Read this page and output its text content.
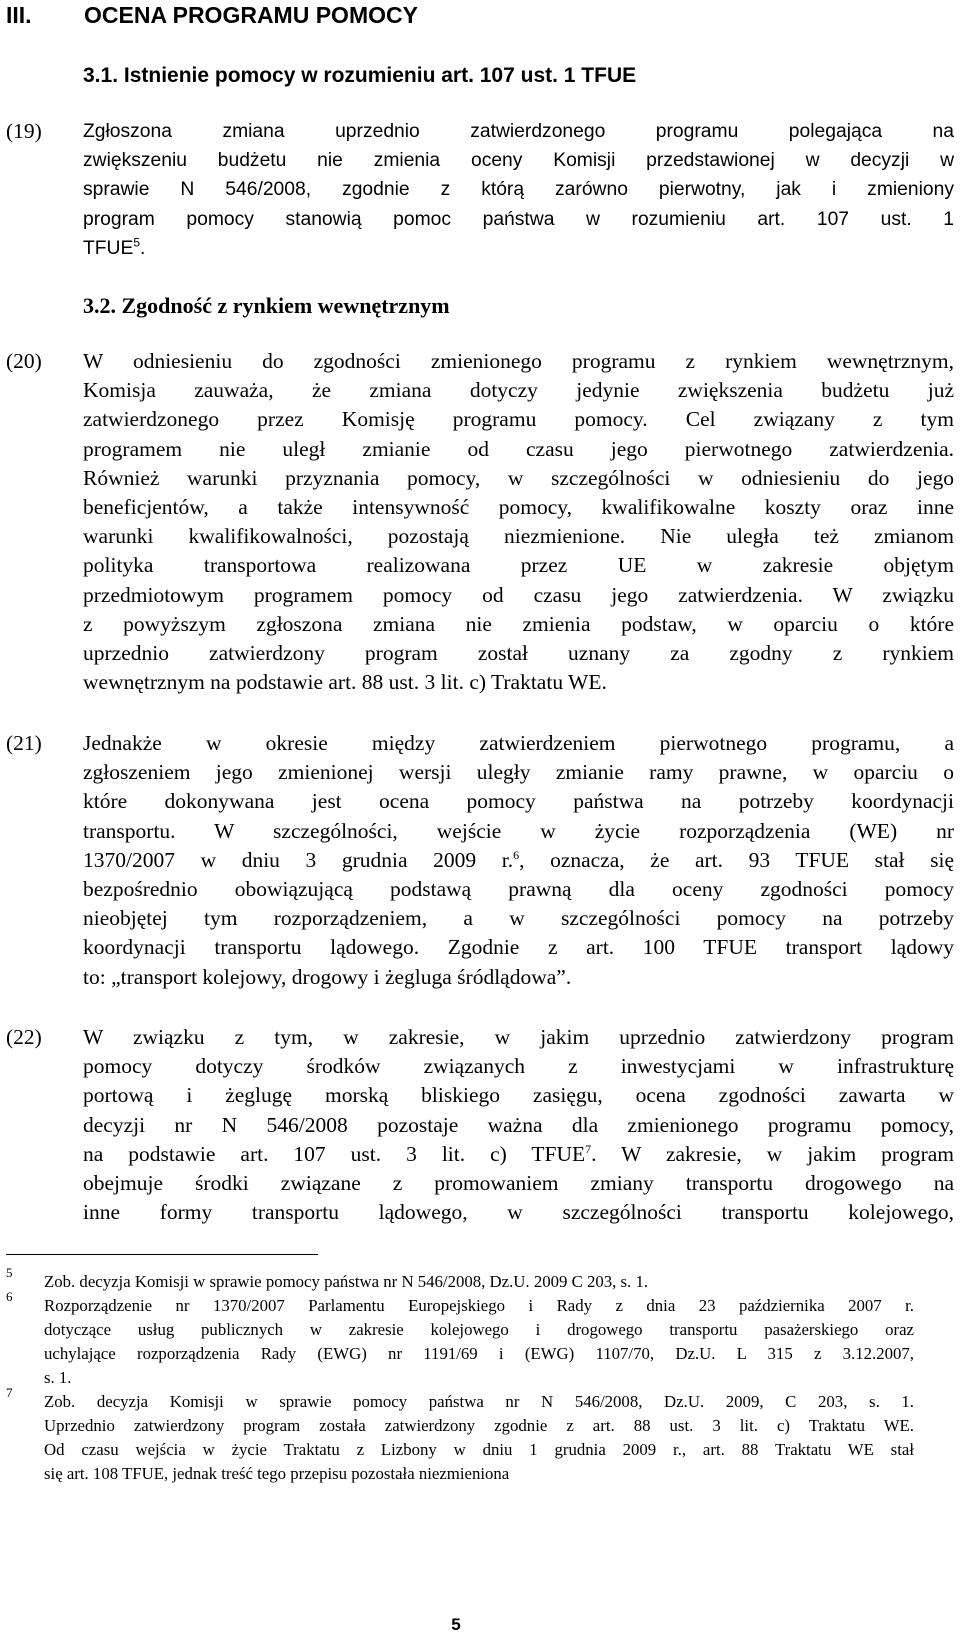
III. OCENA PROGRAMU POMOCY
3.1. Istnienie pomocy w rozumieniu art. 107 ust. 1 TFUE
(19) Zgłoszona zmiana uprzednio zatwierdzonego programu polegająca na
zwiększeniu budżetu nie zmienia oceny Komisji przedstawionej w decyzji w
sprawie N 546/2008, zgodnie z którą zarówno pierwotny, jak i zmieniony
program pomocy stanowią pomoc państwa w rozumieniu art. 107 ust. 1
TFUE$^5$.
3.2. Zgodność z rynkiem wewnętrznym
(20) W odniesieniu do zgodności zmienionego programu z rynkiem wewnętrznym,
Komisja zauważa, że zmiana dotyczy jedynie zwiększenia budżetu już
zatwierdzonego przez Komisję programu pomocy. Cel związany z tym
programem nie uległ zmianie od czasu jego pierwotnego zatwierdzenia.
Również warunki przyznania pomocy, w szczególności w odniesieniu do jego
beneficjentów, a także intensywność pomocy, kwalifikowalne koszty oraz inne
warunki kwalifikowalności, pozostają niezmienione. Nie uległa też zmianom
polityka transportowa realizowana przez UE w zakresie objętym
przedmiotowym programem pomocy od czasu jego zatwierdzenia. W związku
z powyższym zgłoszona zmiana nie zmienia podstaw, w oparciu o które
uprzednio zatwierdzony program został uznany za zgodny z rynkiem
wewnętrznym na podstawie art. 88 ust. 3 lit. c) Traktatu WE.
(21) Jednakże w okresie między zatwierdzeniem pierwotnego programu, a
zgłoszeniem jego zmienionej wersji uległy zmianie ramy prawne, w oparciu o
które dokonywana jest ocena pomocy państwa na potrzeby koordynacji
transportu. W szczególności, wejście w życie rozporządzenia (WE) nr
1370/2007 w dniu 3 grudnia 2009 r.$^6$, oznacza, że art. 93 TFUE stał się
bezpośrednio obowiązującą podstawą prawną dla oceny zgodności pomocy
nieobjętej tym rozporządzeniem, a w szczególności pomocy na potrzeby
koordynacji transportu lądowego. Zgodnie z art. 100 TFUE transport lądowy
to: „transport kolejowy, drogowy i żegluga śródlądowa”.
(22) W związku z tym, w zakresie, w jakim uprzednio zatwierdzony program
pomocy dotyczy środków związanych z inwestycjami w infrastrukturę
portową i żeglugę morską bliskiego zasięgu, ocena zgodności zawarta w
decyzji nr N 546/2008 pozostaje ważna dla zmienionego programu pomocy,
na podstawie art. 107 ust. 3 lit. c) TFUE$^7$. W zakresie, w jakim program
obejmuje środki związane z promowaniem zmiany transportu drogowego na
inne formy transportu lądowego, w szczególności transportu kolejowego,
5 Zob. decyzja Komisji w sprawie pomocy państwa nr N 546/2008, Dz.U. 2009 C 203, s. 1.
6 Rozporządzenie nr 1370/2007 Parlamentu Europejskiego i Rady z dnia 23 października 2007 r.
dotyczące usług publicznych w zakresie kolejowego i drogowego transportu pasażerskiego oraz
uchylające rozporządzenia Rady (EWG) nr 1191/69 i (EWG) 1107/70, Dz.U. L 315 z 3.12.2007,
s. 1.
7 Zob. decyzja Komisji w sprawie pomocy państwa nr N 546/2008, Dz.U. 2009, C 203, s. 1.
Uprzednio zatwierdzony program została zatwierdzony zgodnie z art. 88 ust. 3 lit. c) Traktatu WE.
Od czasu wejścia w życie Traktatu z Lizbony w dniu 1 grudnia 2009 r., art. 88 Traktatu WE stał
się art. 108 TFUE, jednak treść tego przepisu pozostała niezmieniona
5
